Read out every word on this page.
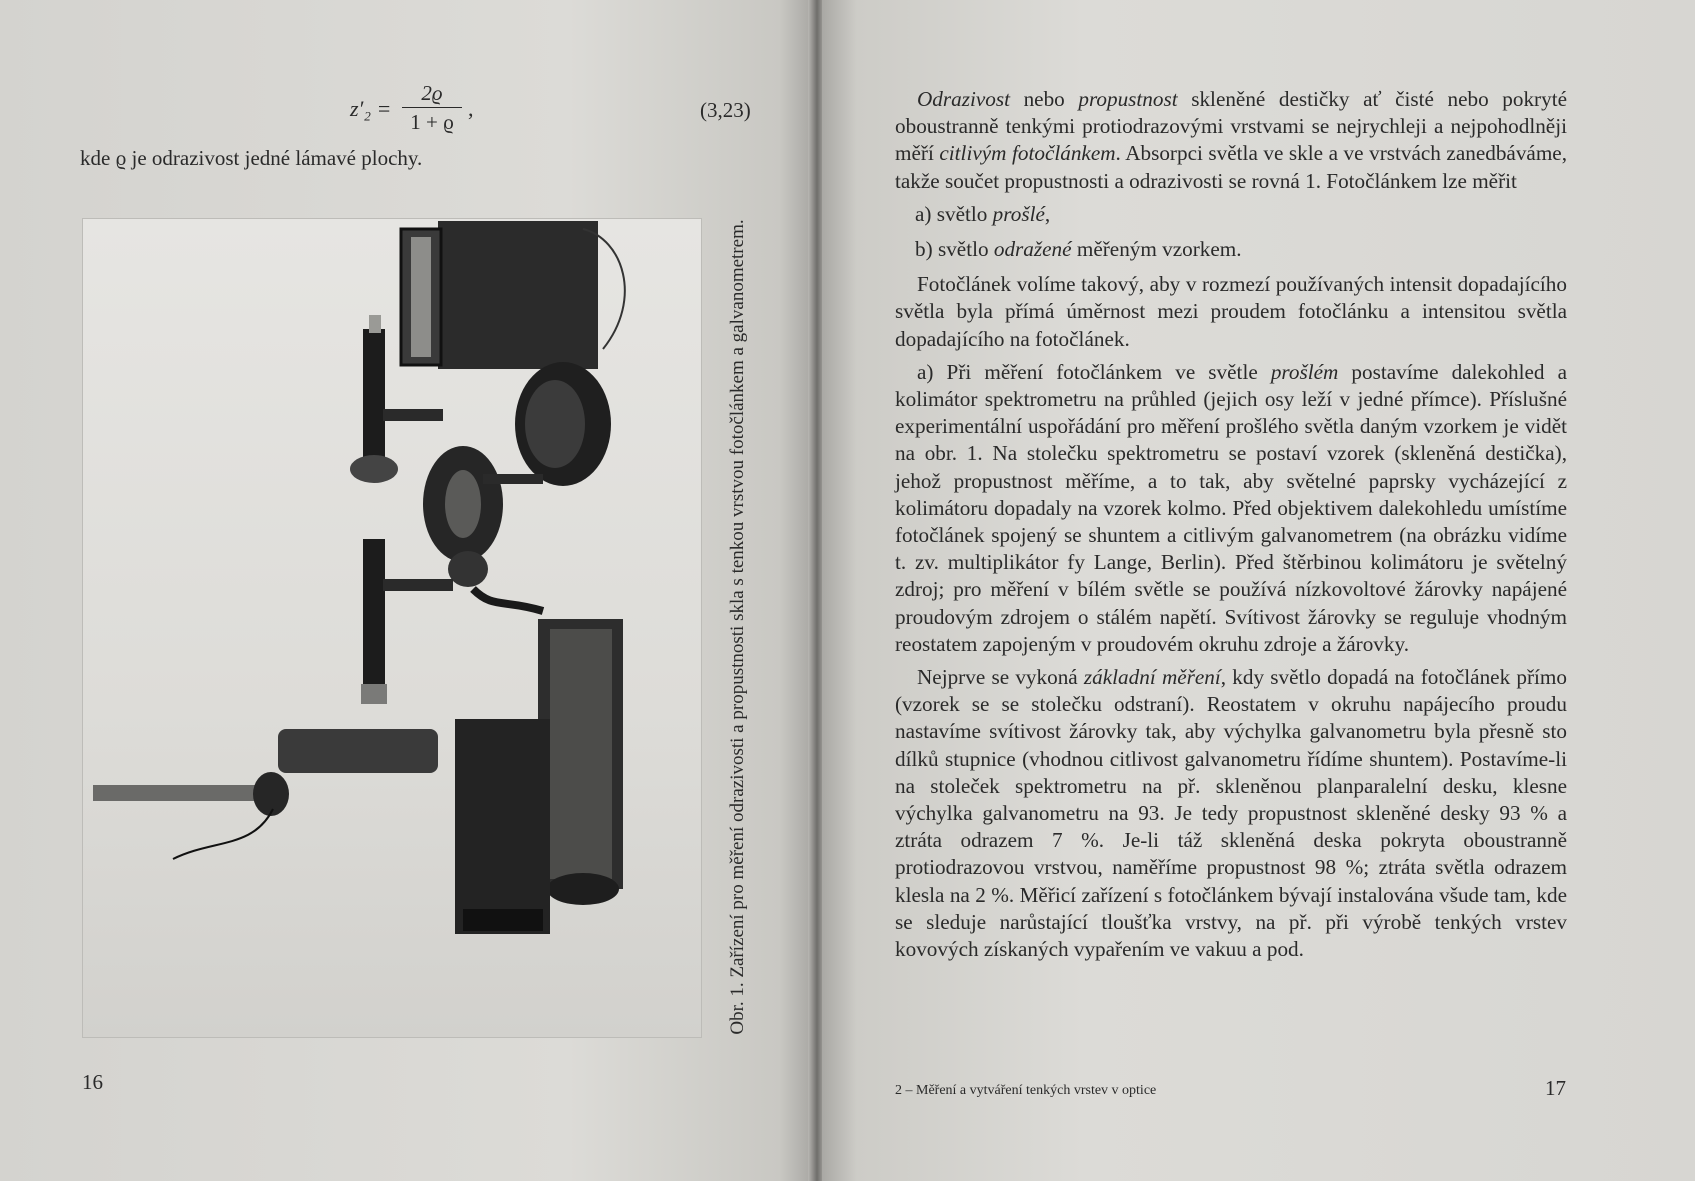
z′₂ =
2ϱ
1 + ϱ
,	(3,23)
kde ϱ je odrazivost jedné lámavé plochy.
Obr. 1. Zařízení pro měření odrazivosti a propustnosti skla s tenkou vrstvou fotočlánkem a galvanometrem.
16

Odrazivost nebo propustnost skleněné destičky ať čisté nebo pokryté oboustranně tenkými protiodrazovými vrstvami se nejrychleji a nejpohodlněji měří citlivým fotočlánkem. Absorpci světla ve skle a ve vrstvách zanedbáváme, takže součet propustnosti a odrazivosti se rovná 1. Fotočlánkem lze měřit

a) světlo prošlé,

b) světlo odražené měřeným vzorkem.

Fotočlánek volíme takový, aby v rozmezí používaných intensit dopadajícího světla byla přímá úměrnost mezi proudem fotočlánku a intensitou světla dopadajícího na fotočlánek.

a) Při měření fotočlánkem ve světle prošlém postavíme dalekohled a kolimátor spektrometru na průhled (jejich osy leží v jedné přímce). Příslušné experimentální uspořádání pro měření prošlého světla daným vzorkem je vidět na obr. 1. Na stolečku spektrometru se postaví vzorek (skleněná destička), jehož propustnost měříme, a to tak, aby světelné paprsky vycházející z kolimátoru dopadaly na vzorek kolmo. Před objektivem dalekohledu umístíme fotočlánek spojený se shuntem a citlivým galvanometrem (na obrázku vidíme t. zv. multiplikátor fy Lange, Berlin). Před štěrbinou kolimátoru je světelný zdroj; pro měření v bílém světle se používá nízkovoltové žárovky napájené proudovým zdrojem o stálém napětí. Svítivost žárovky se reguluje vhodným reostatem zapojeným v proudovém okruhu zdroje a žárovky.

Nejprve se vykoná základní měření, kdy světlo dopadá na fotočlánek přímo (vzorek se se stolečku odstraní). Reostatem v okruhu napájecího proudu nastavíme svítivost žárovky tak, aby výchylka galvanometru byla přesně sto dílků stupnice (vhodnou citlivost galvanometru řídíme shuntem). Postavíme-li na stoleček spektrometru na př. skleněnou planparalelní desku, klesne výchylka galvanometru na 93. Je tedy propustnost skleněné desky 93 % a ztráta odrazem 7 %. Je-li táž skleněná deska pokryta oboustranně protiodrazovou vrstvou, naměříme propustnost 98 %; ztráta světla odrazem klesla na 2 %. Měřicí zařízení s fotočlánkem bývají instalována všude tam, kde se sleduje narůstající tloušťka vrstvy, na př. při výrobě tenkých vrstev kovových získaných vypařením ve vakuu a pod.

2 – Měření a vytváření tenkých vrstev v optice	17
